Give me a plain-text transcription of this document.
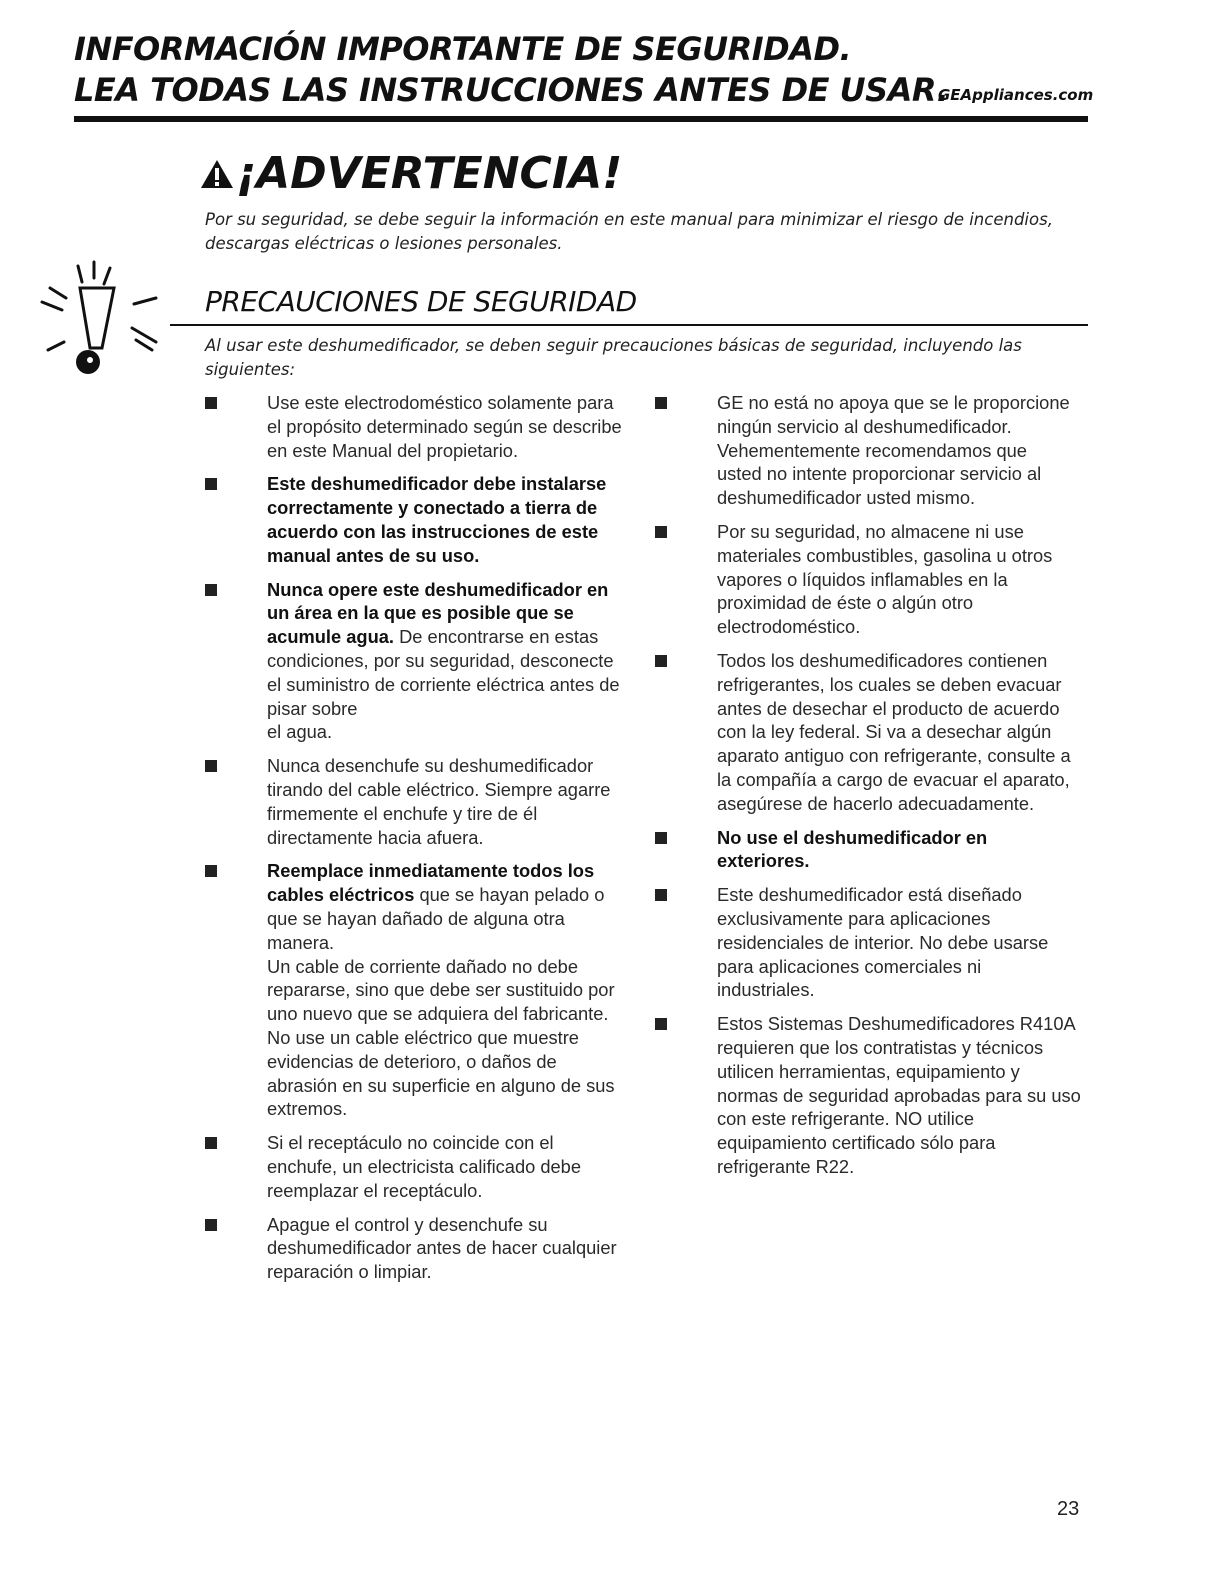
INFORMACIÓN IMPORTANTE DE SEGURIDAD.
LEA TODAS LAS INSTRUCCIONES ANTES DE USAR.
GEAppliances.com
¡ADVERTENCIA!
Por su seguridad, se debe seguir la información en este manual para minimizar el riesgo de incendios, descargas eléctricas o lesiones personales.
PRECAUCIONES DE SEGURIDAD
Al usar este deshumedificador, se deben seguir precauciones básicas de seguridad, incluyendo las siguientes:
Use este electrodoméstico solamente para
el propósito determinado según se describe en este Manual del propietario.
Este deshumedificador debe instalarse correctamente y conectado a tierra de acuerdo con las instrucciones de este manual antes de su uso.
Nunca opere este deshumedificador en un área en la que es posible que se acumule agua. De encontrarse en estas condiciones, por su seguridad, desconecte el suministro de corriente eléctrica antes de pisar sobre
el agua.
Nunca desenchufe su deshumedificador tirando del cable eléctrico. Siempre agarre firmemente el enchufe y tire de él directamente hacia afuera.
Reemplace inmediatamente todos los cables eléctricos que se hayan pelado o que se hayan dañado de alguna otra manera.
Un cable de corriente dañado no debe repararse, sino que debe ser sustituido por uno nuevo que se adquiera del fabricante. No use un cable eléctrico que muestre evidencias de deterioro, o daños de abrasión en su superficie en alguno de sus extremos.
Si el receptáculo no coincide con el enchufe, un electricista calificado debe reemplazar el receptáculo.
Apague el control y desenchufe su deshumedificador antes de hacer cualquier reparación o limpiar.
GE no está no apoya que se le proporcione ningún servicio al deshumedificador. Vehementemente recomendamos que
usted no intente proporcionar servicio al deshumedificador usted mismo.
Por su seguridad, no almacene ni use materiales combustibles, gasolina u otros vapores o líquidos inflamables en la proximidad de éste o algún otro electrodoméstico.
Todos los deshumedificadores contienen refrigerantes, los cuales se deben evacuar antes de desechar el producto de acuerdo con la ley federal. Si va a desechar algún aparato antiguo con refrigerante, consulte a la compañía a cargo de evacuar el aparato, asegúrese de hacerlo adecuadamente.
No use el deshumedificador en exteriores.
Este deshumedificador está diseñado exclusivamente para aplicaciones residenciales de interior. No debe usarse para aplicaciones comerciales ni industriales.
Estos Sistemas Deshumedificadores R410A requieren que los contratistas y técnicos utilicen herramientas, equipamiento y normas de seguridad aprobadas para su uso con este refrigerante. NO utilice equipamiento certificado sólo para refrigerante R22.
23
